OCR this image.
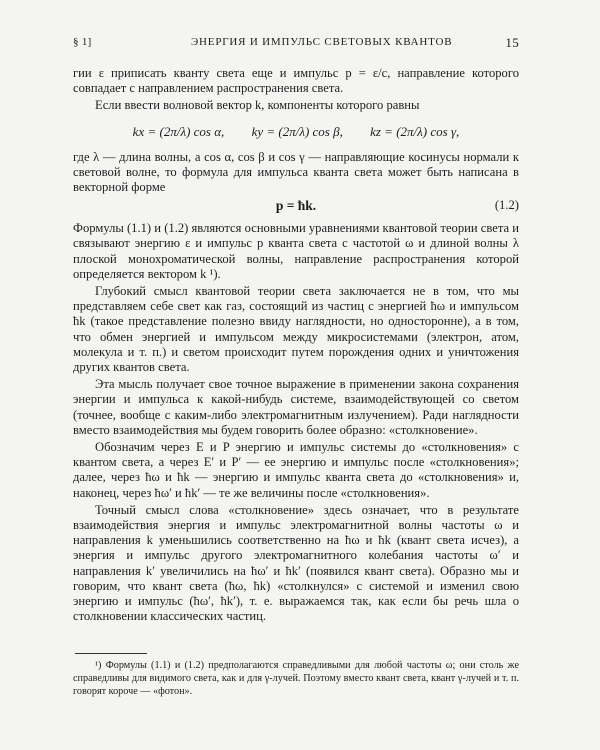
§ 1]	ЭНЕРГИЯ И ИМПУЛЬС СВЕТОВЫХ КВАНТОВ	15

гии ε приписать кванту света еще и импульс p = ε/c, направление которого совпадает с направлением распространения света.

Если ввести волновой вектор k, компоненты которого равны

kx = (2π/λ) cos α, ky = (2π/λ) cos β, kz = (2π/λ) cos γ,

где λ — длина волны, a cos α, cos β и cos γ — направляющие косинусы нормали к световой волне, то формула для импульса кванта света может быть написана в векторной форме

p = ħk.	(1.2)

Формулы (1.1) и (1.2) являются основными уравнениями квантовой теории света и связывают энергию ε и импульс p кванта света с частотой ω и длиной волны λ плоской монохроматической волны, направление распространения которой определяется вектором k ¹).

Глубокий смысл квантовой теории света заключается не в том, что мы представляем себе свет как газ, состоящий из частиц с энергией ħω и импульсом ħk (такое представление полезно ввиду наглядности, но односторонне), а в том, что обмен энергией и импульсом между микросистемами (электрон, атом, молекула и т. п.) и светом происходит путем порождения одних и уничтожения других квантов света.

Эта мысль получает свое точное выражение в применении закона сохранения энергии и импульса к какой-нибудь системе, взаимодействующей со светом (точнее, вообще с каким-либо электромагнитным излучением). Ради наглядности вместо взаимодействия мы будем говорить более образно: «столкновение».

Обозначим через E и P энергию и импульс системы до «столкновения» с квантом света, а через E′ и P′ — ее энергию и импульс после «столкновения»; далее, через ħω и ħk — энергию и импульс кванта света до «столкновения» и, наконец, через ħω′ и ħk′ — те же величины после «столкновения».

Точный смысл слова «столкновение» здесь означает, что в результате взаимодействия энергия и импульс электромагнитной волны частоты ω и направления k уменьшились соответственно на ħω и ħk (квант света исчез), а энергия и импульс другого электромагнитного колебания частоты ω′ и направления k′ увеличились на ħω′ и ħk′ (появился квант света). Образно мы и говорим, что квант света (ħω, ħk) «столкнулся» с системой и изменил свою энергию и импульс (ħω′, ħk′), т. е. выражаемся так, как если бы речь шла о столкновении классических частиц.

¹) Формулы (1.1) и (1.2) предполагаются справедливыми для любой частоты ω; они столь же справедливы для видимого света, как и для γ-лучей. Поэтому вместо квант света, квант γ-лучей и т. п. говорят короче — «фотон».
